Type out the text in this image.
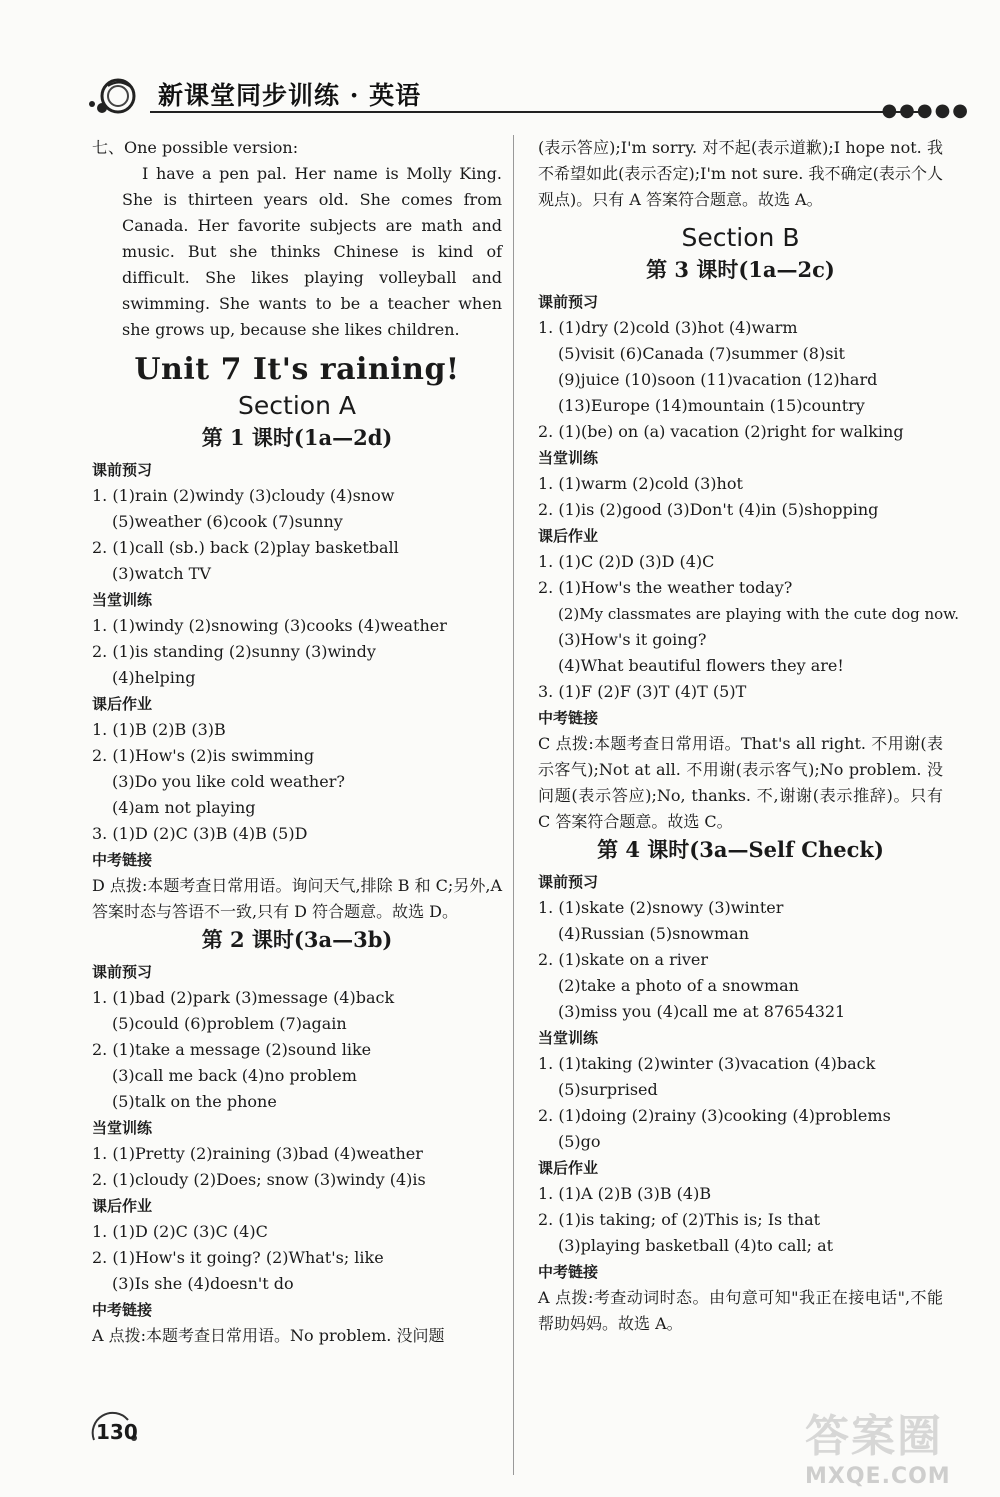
新课堂同步训练 · 英语
●●●●●
七、One possible version:
I have a pen pal. Her name is Molly King. She is thirteen years old. She comes from Canada. Her favorite subjects are math and music. But she thinks Chinese is kind of difficult. She likes playing volleyball and swimming. She wants to be a teacher when she grows up, because she likes children.
Unit 7 It's raining!
Section A
第 1 课时(1a—2d)
课前预习
1. (1)rain (2)windy (3)cloudy (4)snow
(5)weather (6)cook (7)sunny
2. (1)call (sb.) back (2)play basketball
(3)watch TV
当堂训练
1. (1)windy (2)snowing (3)cooks (4)weather
2. (1)is standing (2)sunny (3)windy
(4)helping
课后作业
1. (1)B (2)B (3)B
2. (1)How's (2)is swimming
(3)Do you like cold weather?
(4)am not playing
3. (1)D (2)C (3)B (4)B (5)D
中考链接
D 点拨:本题考查日常用语。询问天气,排除 B 和 C;另外,A 答案时态与答语不一致,只有 D 符合题意。故选 D。
第 2 课时(3a—3b)
课前预习
1. (1)bad (2)park (3)message (4)back
(5)could (6)problem (7)again
2. (1)take a message (2)sound like
(3)call me back (4)no problem
(5)talk on the phone
当堂训练
1. (1)Pretty (2)raining (3)bad (4)weather
2. (1)cloudy (2)Does; snow (3)windy (4)is
课后作业
1. (1)D (2)C (3)C (4)C
2. (1)How's it going? (2)What's; like
(3)Is she (4)doesn't do
中考链接
A 点拨:本题考查日常用语。No problem. 没问题
(表示答应);I'm sorry. 对不起(表示道歉);I hope not. 我不希望如此(表示否定);I'm not sure. 我不确定(表示个人观点)。只有 A 答案符合题意。故选 A。
Section B
第 3 课时(1a—2c)
课前预习
1. (1)dry (2)cold (3)hot (4)warm
(5)visit (6)Canada (7)summer (8)sit
(9)juice (10)soon (11)vacation (12)hard
(13)Europe (14)mountain (15)country
2. (1)(be) on (a) vacation (2)right for walking
当堂训练
1. (1)warm (2)cold (3)hot
2. (1)is (2)good (3)Don't (4)in (5)shopping
课后作业
1. (1)C (2)D (3)D (4)C
2. (1)How's the weather today?
(2)My classmates are playing with the cute dog now.
(3)How's it going?
(4)What beautiful flowers they are!
3. (1)F (2)F (3)T (4)T (5)T
中考链接
C 点拨:本题考查日常用语。That's all right. 不用谢(表示客气);Not at all. 不用谢(表示客气);No problem. 没问题(表示答应);No, thanks. 不,谢谢(表示推辞)。只有 C 答案符合题意。故选 C。
第 4 课时(3a—Self Check)
课前预习
1. (1)skate (2)snowy (3)winter
(4)Russian (5)snowman
2. (1)skate on a river
(2)take a photo of a snowman
(3)miss you (4)call me at 87654321
当堂训练
1. (1)taking (2)winter (3)vacation (4)back
(5)surprised
2. (1)doing (2)rainy (3)cooking (4)problems
(5)go
课后作业
1. (1)A (2)B (3)B (4)B
2. (1)is taking; of (2)This is; Is that
(3)playing basketball (4)to call; at
中考链接
A 点拨:考查动词时态。由句意可知"我正在接电话",不能帮助妈妈。故选 A。
130	答案圈
MXQE.COM
